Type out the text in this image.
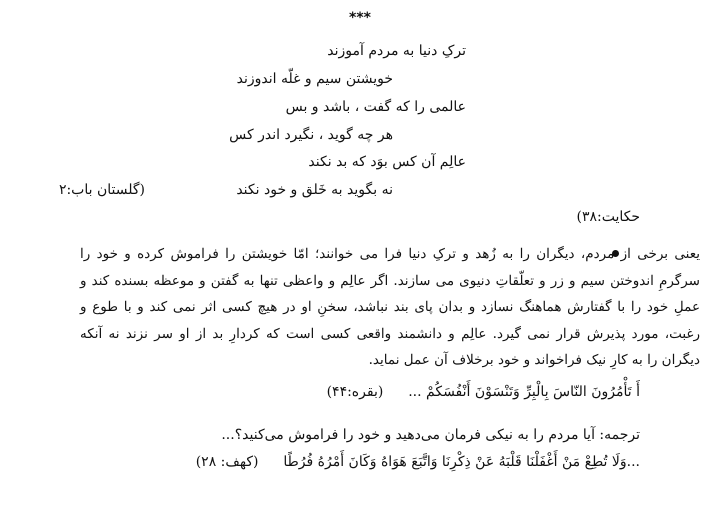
***
ترکِ دنیا به مردم آموزند
خویشتن سیم و غلّه اندوزند
عالمی را که گفت ، باشد و بس
هر چه گوید ، نگیرد اندر کس
عالِم آن کس بوَد که بد نکند
نه بگوید به خَلق و خود نکند
(گلستان باب:۲
حکایت:۳۸)
یعنی برخی از مردم، دیگران را به زُهد و ترکِ دنیا فرا می خوانند؛ امّا خویشتن را فراموش کرده و خود را سرگرمِ اندوختن سیم و زر و تعلّقاتِ دنیوی می سازند. اگر عالِم و واعظی تنها به گفتن و موعظه بسنده کند و عملِ خود را با گفتارش هماهنگ نسازد و بدان پای بند نباشد، سخنِ او در هیچ کسی اثر نمی کند و با طوع و رغبت، مورد پذیرش قرار نمی گیرد. عالِم و دانشمند واقعی کسی است که کردارِ بد از او سر نزند نه آنکه دیگران را به کارِ نیک فراخواند و خود برخلاف آن عمل نماید.
أَ تَأْمُرُونَ النّاسَ بِالْبِرِّ وَتَنْسَوْنَ أَنْفُسَكُمْ ...  (بقره:۴۴)
ترجمه: آیا مردم را به نیکی فرمان می‌دهید و خود را فراموش می‌کنید؟...
...وَلَا تُطِعْ مَنْ أَغْفَلْنَا قَلْبَهُ عَنْ ذِكْرِنَا وَاتَّبَعَ هَوَاهُ وَكَانَ أَمْرُهُ فُرُطًا  (کهف: ۲۸)
